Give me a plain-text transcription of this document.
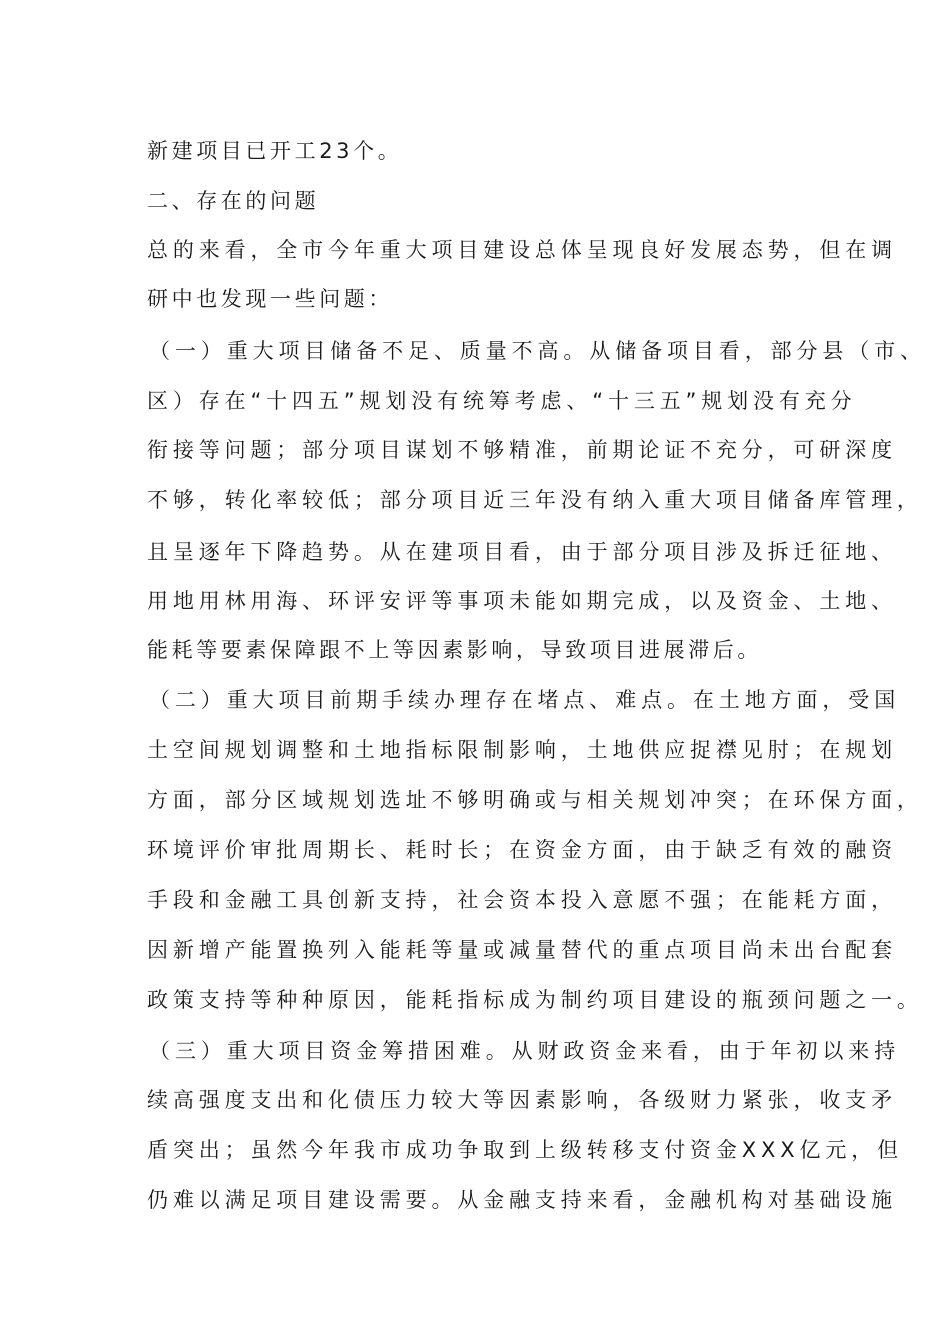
新建项目已开工23个。

二、存在的问题

总的来看，全市今年重大项目建设总体呈现良好发展态势，但在调

研中也发现一些问题：

（一）重大项目储备不足、质量不高。从储备项目看，部分县（市、

区）存在“十四五”规划没有统筹考虑、“十三五”规划没有充分

衔接等问题；部分项目谋划不够精准，前期论证不充分，可研深度

不够，转化率较低；部分项目近三年没有纳入重大项目储备库管理，

且呈逐年下降趋势。从在建项目看，由于部分项目涉及拆迁征地、

用地用林用海、环评安评等事项未能如期完成，以及资金、土地、

能耗等要素保障跟不上等因素影响，导致项目进展滞后。

（二）重大项目前期手续办理存在堵点、难点。在土地方面，受国

土空间规划调整和土地指标限制影响，土地供应捉襟见肘；在规划

方面，部分区域规划选址不够明确或与相关规划冲突；在环保方面，

环境评价审批周期长、耗时长；在资金方面，由于缺乏有效的融资

手段和金融工具创新支持，社会资本投入意愿不强；在能耗方面，

因新增产能置换列入能耗等量或减量替代的重点项目尚未出台配套

政策支持等种种原因，能耗指标成为制约项目建设的瓶颈问题之一。

（三）重大项目资金筹措困难。从财政资金来看，由于年初以来持

续高强度支出和化债压力较大等因素影响，各级财力紧张，收支矛

盾突出；虽然今年我市成功争取到上级转移支付资金XXX亿元，但

仍难以满足项目建设需要。从金融支持来看，金融机构对基础设施
